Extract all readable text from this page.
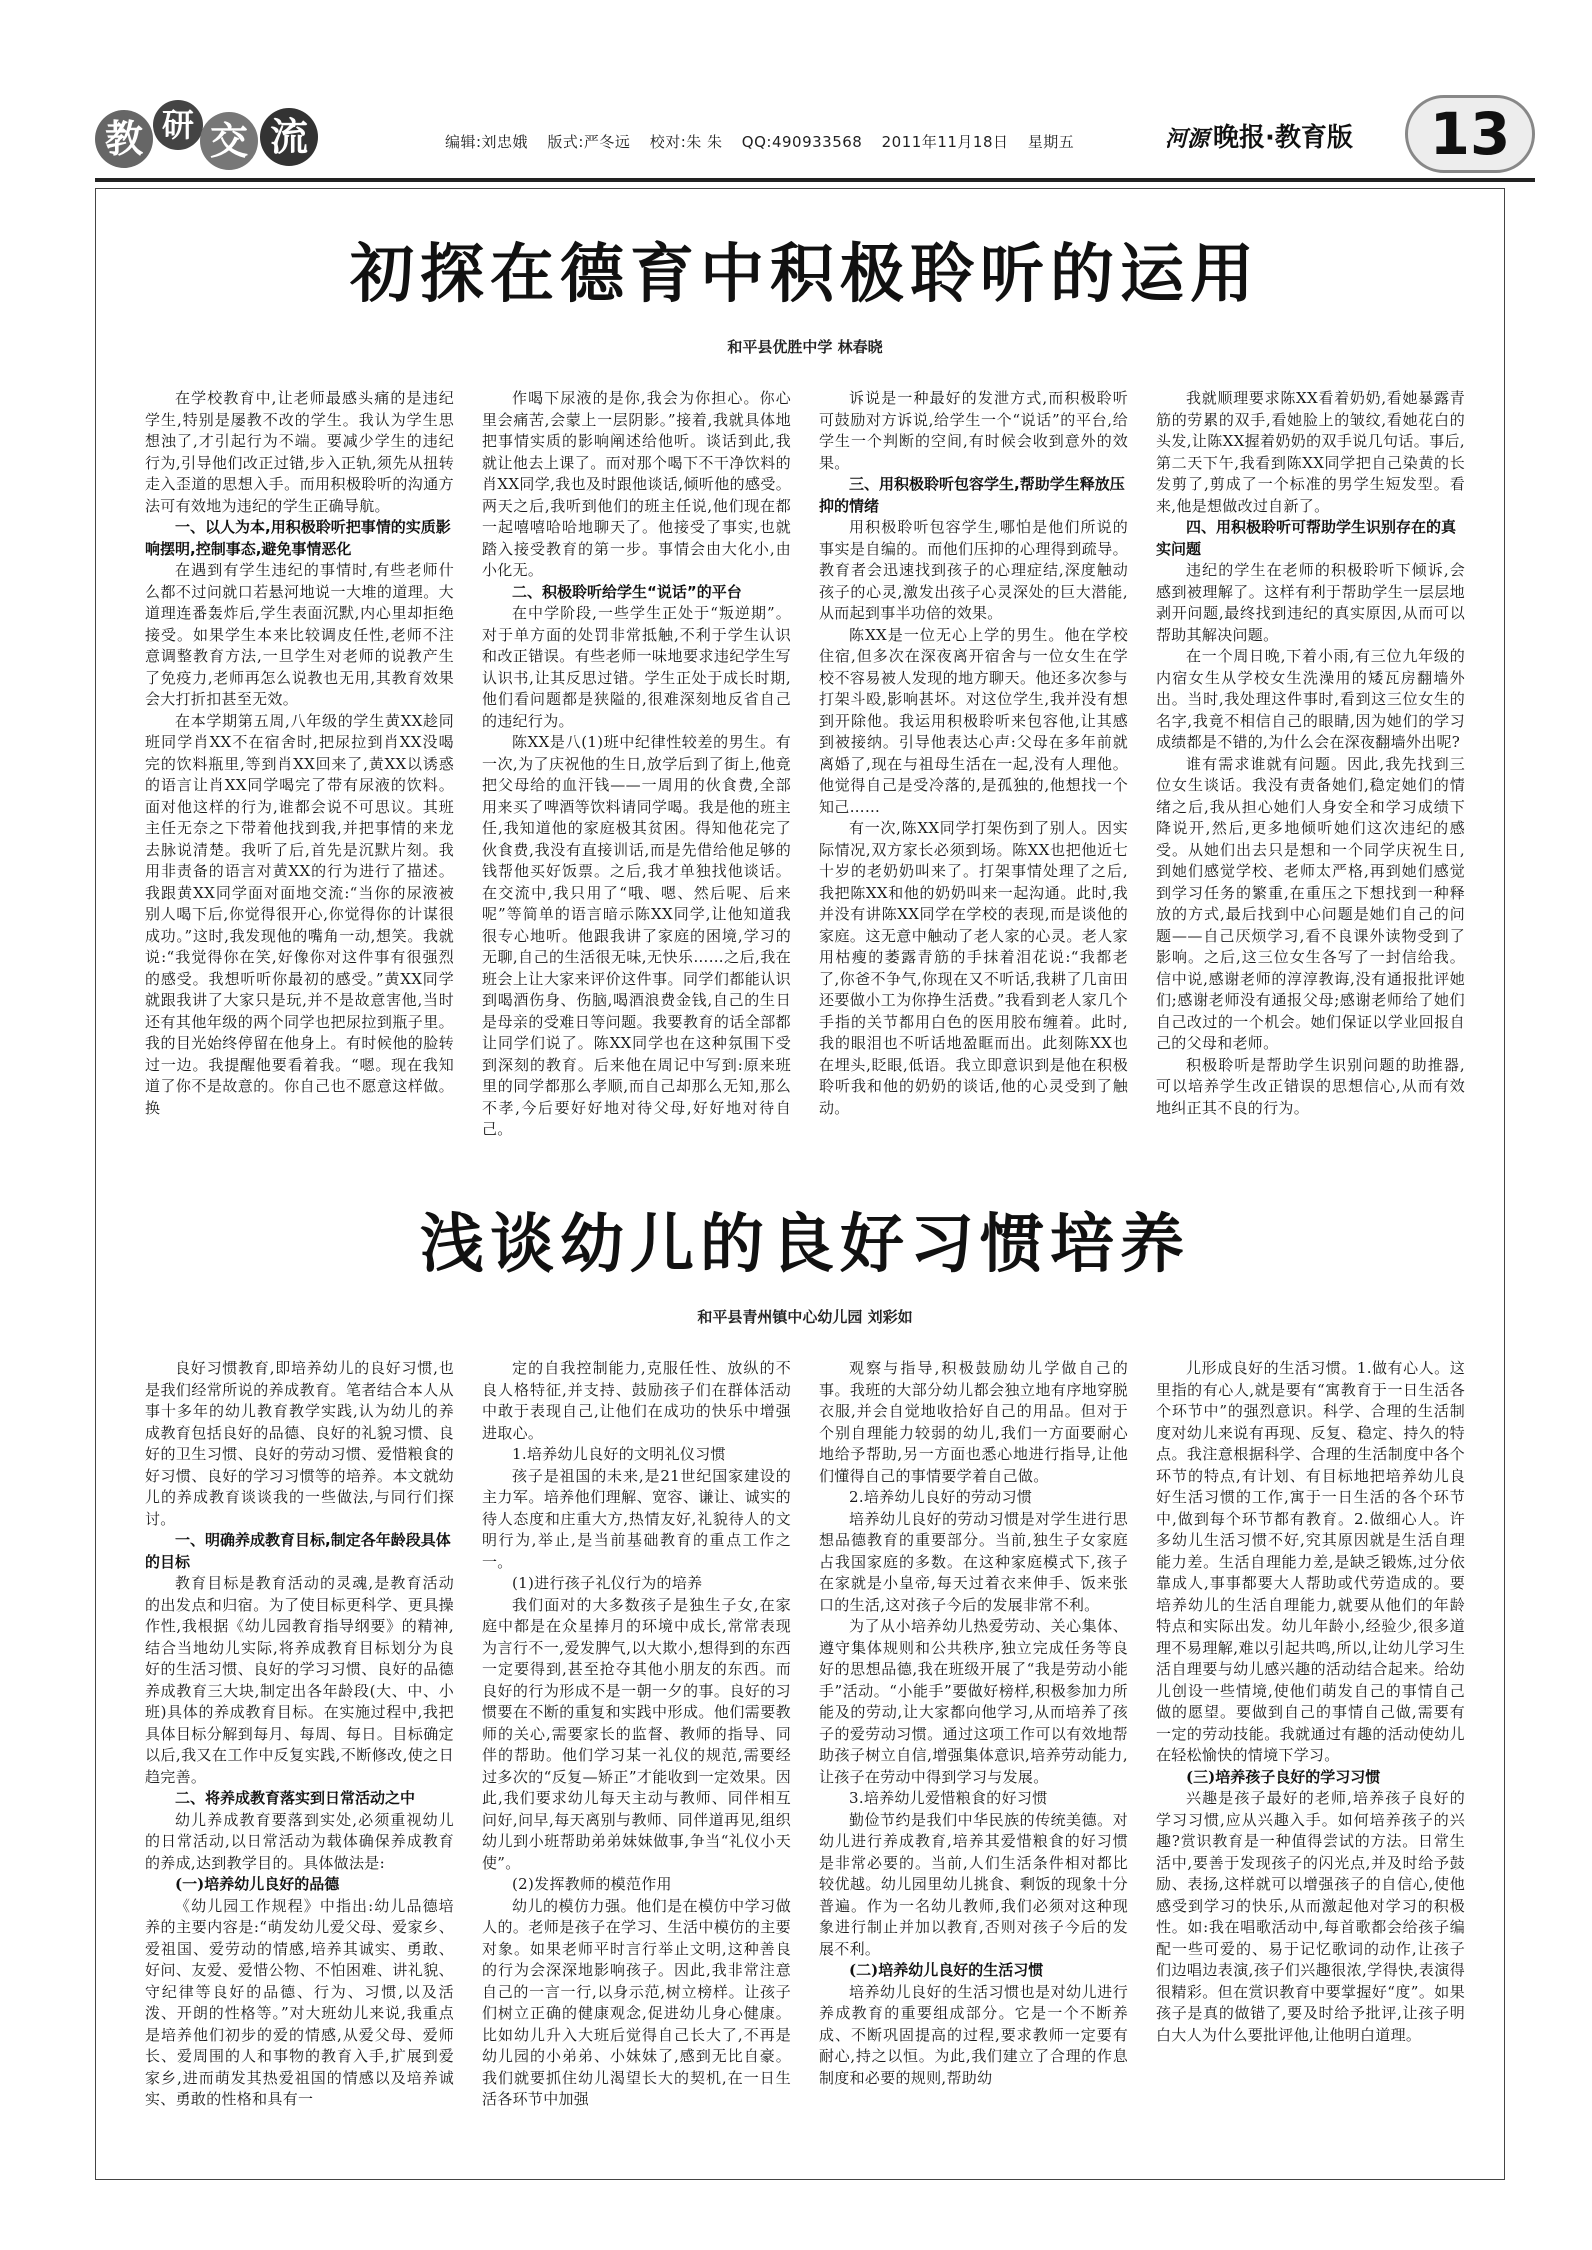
教 研 交 流	编辑:刘忠娥 版式:严冬远 校对:朱 朱 QQ:490933568 2011年11月18日 星期五	河源 晚报·教育版	13
初探在德育中积极聆听的运用
和平县优胜中学 林春晓
在学校教育中,让老师最感头痛的是违纪学生,特别是屡教不改的学生。我认为学生思想浊了,才引起行为不端。要减少学生的违纪行为,引导他们改正过错,步入正轨,须先从扭转走入歪道的思想入手。而用积极聆听的沟通方法可有效地为违纪的学生正确导航。
一、以人为本,用积极聆听把事情的实质影响摆明,控制事态,避免事情恶化
在遇到有学生违纪的事情时,有些老师什么都不过问就口若悬河地说一大堆的道理。大道理连番轰炸后,学生表面沉默,内心里却拒绝接受。如果学生本来比较调皮任性,老师不注意调整教育方法,一旦学生对老师的说教产生了免疫力,老师再怎么说教也无用,其教育效果会大打折扣甚至无效。
在本学期第五周,八年级的学生黄XX趁同班同学肖XX不在宿舍时,把尿拉到肖XX没喝完的饮料瓶里,等到肖XX回来了,黄XX以诱惑的语言让肖XX同学喝完了带有尿液的饮料。面对他这样的行为,谁都会说不可思议。其班主任无奈之下带着他找到我,并把事情的来龙去脉说清楚。我听了后,首先是沉默片刻。我用非责备的语言对黄XX的行为进行了描述。我跟黄XX同学面对面地交流:“当你的尿液被别人喝下后,你觉得很开心,你觉得你的计谋很成功。”这时,我发现他的嘴角一动,想笑。我就说:“我觉得你在笑,好像你对这件事有很强烈的感受。我想听听你最初的感受。”黄XX同学就跟我讲了大家只是玩,并不是故意害他,当时还有其他年级的两个同学也把尿拉到瓶子里。我的目光始终停留在他身上。有时候他的脸转过一边。我提醒他要看着我。“嗯。现在我知道了你不是故意的。你自己也不愿意这样做。换
作喝下尿液的是你,我会为你担心。你心里会痛苦,会蒙上一层阴影。”接着,我就具体地把事情实质的影响阐述给他听。谈话到此,我就让他去上课了。而对那个喝下不干净饮料的肖XX同学,我也及时跟他谈话,倾听他的感受。两天之后,我听到他们的班主任说,他们现在都一起嘻嘻哈哈地聊天了。他接受了事实,也就踏入接受教育的第一步。事情会由大化小,由小化无。
二、积极聆听给学生“说话”的平台
在中学阶段,一些学生正处于“叛逆期”。对于单方面的处罚非常抵触,不利于学生认识和改正错误。有些老师一味地要求违纪学生写认识书,让其反思过错。学生正处于成长时期,他们看问题都是狭隘的,很难深刻地反省自己的违纪行为。
陈XX是八(1)班中纪律性较差的男生。有一次,为了庆祝他的生日,放学后到了街上,他竟把父母给的血汗钱——一周用的伙食费,全部用来买了啤酒等饮料请同学喝。我是他的班主任,我知道他的家庭极其贫困。得知他花完了伙食费,我没有直接训话,而是先借给他足够的钱帮他买好饭票。之后,我才单独找他谈话。在交流中,我只用了“哦、嗯、然后呢、后来呢”等简单的语言暗示陈XX同学,让他知道我很专心地听。他跟我讲了家庭的困境,学习的无聊,自己的生活很无味,无快乐……之后,我在班会上让大家来评价这件事。同学们都能认识到喝酒伤身、伤脑,喝酒浪费金钱,自己的生日是母亲的受难日等问题。我要教育的话全部都让同学们说了。陈XX同学也在这种氛围下受到深刻的教育。后来他在周记中写到:原来班里的同学都那么孝顺,而自己却那么无知,那么不孝,今后要好好地对待父母,好好地对待自己。
诉说是一种最好的发泄方式,而积极聆听可鼓励对方诉说,给学生一个“说话”的平台,给学生一个判断的空间,有时候会收到意外的效果。
三、用积极聆听包容学生,帮助学生释放压抑的情绪
用积极聆听包容学生,哪怕是他们所说的事实是自编的。而他们压抑的心理得到疏导。教育者会迅速找到孩子的心理症结,深度触动孩子的心灵,激发出孩子心灵深处的巨大潜能,从而起到事半功倍的效果。
陈XX是一位无心上学的男生。他在学校住宿,但多次在深夜离开宿舍与一位女生在学校不容易被人发现的地方聊天。他还多次参与打架斗殴,影响甚坏。对这位学生,我并没有想到开除他。我运用积极聆听来包容他,让其感到被接纳。引导他表达心声:父母在多年前就离婚了,现在与祖母生活在一起,没有人理他。他觉得自己是受冷落的,是孤独的,他想找一个知己……
有一次,陈XX同学打架伤到了别人。因实际情况,双方家长必须到场。陈XX也把他近七十岁的老奶奶叫来了。打架事情处理了之后,我把陈XX和他的奶奶叫来一起沟通。此时,我并没有讲陈XX同学在学校的表现,而是谈他的家庭。这无意中触动了老人家的心灵。老人家用枯瘦的萎露青筋的手抹着泪花说:“我都老了,你爸不争气,你现在又不听话,我耕了几亩田还要做小工为你挣生活费。”我看到老人家几个手指的关节都用白色的医用胶布缠着。此时,我的眼泪也不听话地盈眶而出。此刻陈XX也在埋头,眨眼,低语。我立即意识到是他在积极聆听我和他的奶奶的谈话,他的心灵受到了触动。
我就顺理要求陈XX看着奶奶,看她暴露青筋的劳累的双手,看她脸上的皱纹,看她花白的头发,让陈XX握着奶奶的双手说几句话。事后,第二天下午,我看到陈XX同学把自己染黄的长发剪了,剪成了一个标准的男学生短发型。看来,他是想做改过自新了。
四、用积极聆听可帮助学生识别存在的真实问题
违纪的学生在老师的积极聆听下倾诉,会感到被理解了。这样有利于帮助学生一层层地剥开问题,最终找到违纪的真实原因,从而可以帮助其解决问题。
在一个周日晚,下着小雨,有三位九年级的内宿女生从学校女生洗澡用的矮瓦房翻墙外出。当时,我处理这件事时,看到这三位女生的名字,我竟不相信自己的眼睛,因为她们的学习成绩都是不错的,为什么会在深夜翻墙外出呢?
谁有需求谁就有问题。因此,我先找到三位女生谈话。我没有责备她们,稳定她们的情绪之后,我从担心她们人身安全和学习成绩下降说开,然后,更多地倾听她们这次违纪的感受。从她们出去只是想和一个同学庆祝生日,到她们感觉学校、老师太严格,再到她们感觉到学习任务的繁重,在重压之下想找到一种释放的方式,最后找到中心问题是她们自己的问题——自己厌烦学习,看不良课外读物受到了影响。之后,这三位女生各写了一封信给我。信中说,感谢老师的淳淳教诲,没有通报批评她们;感谢老师没有通报父母;感谢老师给了她们自己改过的一个机会。她们保证以学业回报自己的父母和老师。
积极聆听是帮助学生识别问题的助推器,可以培养学生改正错误的思想信心,从而有效地纠正其不良的行为。
浅谈幼儿的良好习惯培养
和平县青州镇中心幼儿园 刘彩如
良好习惯教育,即培养幼儿的良好习惯,也是我们经常所说的养成教育。笔者结合本人从事十多年的幼儿教育教学实践,认为幼儿的养成教育包括良好的品德、良好的礼貌习惯、良好的卫生习惯、良好的劳动习惯、爱惜粮食的好习惯、良好的学习习惯等的培养。本文就幼儿的养成教育谈谈我的一些做法,与同行们探讨。
一、明确养成教育目标,制定各年龄段具体的目标
教育目标是教育活动的灵魂,是教育活动的出发点和归宿。为了使目标更科学、更具操作性,我根据《幼儿园教育指导纲要》的精神,结合当地幼儿实际,将养成教育目标划分为良好的生活习惯、良好的学习习惯、良好的品德养成教育三大块,制定出各年龄段(大、中、小班)具体的养成教育目标。在实施过程中,我把具体目标分解到每月、每周、每日。目标确定以后,我又在工作中反复实践,不断修改,使之日趋完善。
二、将养成教育落实到日常活动之中
幼儿养成教育要落到实处,必须重视幼儿的日常活动,以日常活动为载体确保养成教育的养成,达到教学目的。具体做法是:
(一)培养幼儿良好的品德
《幼儿园工作规程》中指出:幼儿品德培养的主要内容是:“萌发幼儿爱父母、爱家乡、爱祖国、爱劳动的情感,培养其诚实、勇敢、好问、友爱、爱惜公物、不怕困难、讲礼貌、守纪律等良好的品德、行为、习惯,以及活泼、开朗的性格等。”对大班幼儿来说,我重点是培养他们初步的爱的情感,从爱父母、爱师长、爱周围的人和事物的教育入手,扩展到爱家乡,进而萌发其热爱祖国的情感以及培养诚实、勇敢的性格和具有一
定的自我控制能力,克服任性、放纵的不良人格特征,并支持、鼓励孩子们在群体活动中敢于表现自己,让他们在成功的快乐中增强进取心。
1.培养幼儿良好的文明礼仪习惯
孩子是祖国的未来,是21世纪国家建设的主力军。培养他们理解、宽容、谦让、诚实的待人态度和庄重大方,热情友好,礼貌待人的文明行为,举止,是当前基础教育的重点工作之一。
(1)进行孩子礼仪行为的培养
我们面对的大多数孩子是独生子女,在家庭中都是在众星捧月的环境中成长,常常表现为言行不一,爱发脾气,以大欺小,想得到的东西一定要得到,甚至抢夺其他小朋友的东西。而良好的行为形成不是一朝一夕的事。良好的习惯要在不断的重复和实践中形成。他们需要教师的关心,需要家长的监督、教师的指导、同伴的帮助。他们学习某一礼仪的规范,需要经过多次的“反复—矫正”才能收到一定效果。因此,我们要求幼儿每天主动与教师、同伴相互问好,问早,每天离别与教师、同伴道再见,组织幼儿到小班帮助弟弟妹妹做事,争当“礼仪小天使”。
(2)发挥教师的模范作用
幼儿的模仿力强。他们是在模仿中学习做人的。老师是孩子在学习、生活中模仿的主要对象。如果老师平时言行举止文明,这种善良的行为会深深地影响孩子。因此,我非常注意自己的一言一行,以身示范,树立榜样。让孩子们树立正确的健康观念,促进幼儿身心健康。比如幼儿升入大班后觉得自己长大了,不再是幼儿园的小弟弟、小妹妹了,感到无比自豪。我们就要抓住幼儿渴望长大的契机,在一日生活各环节中加强
观察与指导,积极鼓励幼儿学做自己的事。我班的大部分幼儿都会独立地有序地穿脱衣服,并会自觉地收拾好自己的用品。但对于个别自理能力较弱的幼儿,我们一方面要耐心地给予帮助,另一方面也悉心地进行指导,让他们懂得自己的事情要学着自己做。
2.培养幼儿良好的劳动习惯
培养幼儿良好的劳动习惯是对学生进行思想品德教育的重要部分。当前,独生子女家庭占我国家庭的多数。在这种家庭模式下,孩子在家就是小皇帝,每天过着衣来伸手、饭来张口的生活,这对孩子今后的发展非常不利。
为了从小培养幼儿热爱劳动、关心集体、遵守集体规则和公共秩序,独立完成任务等良好的思想品德,我在班级开展了“我是劳动小能手”活动。“小能手”要做好榜样,积极参加力所能及的劳动,让大家都向他学习,从而培养了孩子的爱劳动习惯。通过这项工作可以有效地帮助孩子树立自信,增强集体意识,培养劳动能力,让孩子在劳动中得到学习与发展。
3.培养幼儿爱惜粮食的好习惯
勤俭节约是我们中华民族的传统美德。对幼儿进行养成教育,培养其爱惜粮食的好习惯是非常必要的。当前,人们生活条件相对都比较优越。幼儿园里幼儿挑食、剩饭的现象十分普遍。作为一名幼儿教师,我们必须对这种现象进行制止并加以教育,否则对孩子今后的发展不利。
(二)培养幼儿良好的生活习惯
培养幼儿良好的生活习惯也是对幼儿进行养成教育的重要组成部分。它是一个不断养成、不断巩固提高的过程,要求教师一定要有耐心,持之以恒。为此,我们建立了合理的作息制度和必要的规则,帮助幼
儿形成良好的生活习惯。1.做有心人。这里指的有心人,就是要有“寓教育于一日生活各个环节中”的强烈意识。科学、合理的生活制度对幼儿来说有再现、反复、稳定、持久的特点。我注意根据科学、合理的生活制度中各个环节的特点,有计划、有目标地把培养幼儿良好生活习惯的工作,寓于一日生活的各个环节中,做到每个环节都有教育。2.做细心人。许多幼儿生活习惯不好,究其原因就是生活自理能力差。生活自理能力差,是缺乏锻炼,过分依靠成人,事事都要大人帮助或代劳造成的。要培养幼儿的生活自理能力,就要从他们的年龄特点和实际出发。幼儿年龄小,经验少,很多道理不易理解,难以引起共鸣,所以,让幼儿学习生活自理要与幼儿感兴趣的活动结合起来。给幼儿创设一些情境,使他们萌发自己的事情自己做的愿望。要做到自己的事情自己做,需要有一定的劳动技能。我就通过有趣的活动使幼儿在轻松愉快的情境下学习。
(三)培养孩子良好的学习习惯
兴趣是孩子最好的老师,培养孩子良好的学习习惯,应从兴趣入手。如何培养孩子的兴趣?赏识教育是一种值得尝试的方法。日常生活中,要善于发现孩子的闪光点,并及时给予鼓励、表扬,这样就可以增强孩子的自信心,使他感受到学习的快乐,从而激起他对学习的积极性。如:我在唱歌活动中,每首歌都会给孩子编配一些可爱的、易于记忆歌词的动作,让孩子们边唱边表演,孩子们兴趣很浓,学得快,表演得很精彩。但在赏识教育中要掌握好“度”。如果孩子是真的做错了,要及时给予批评,让孩子明白大人为什么要批评他,让他明白道理。
